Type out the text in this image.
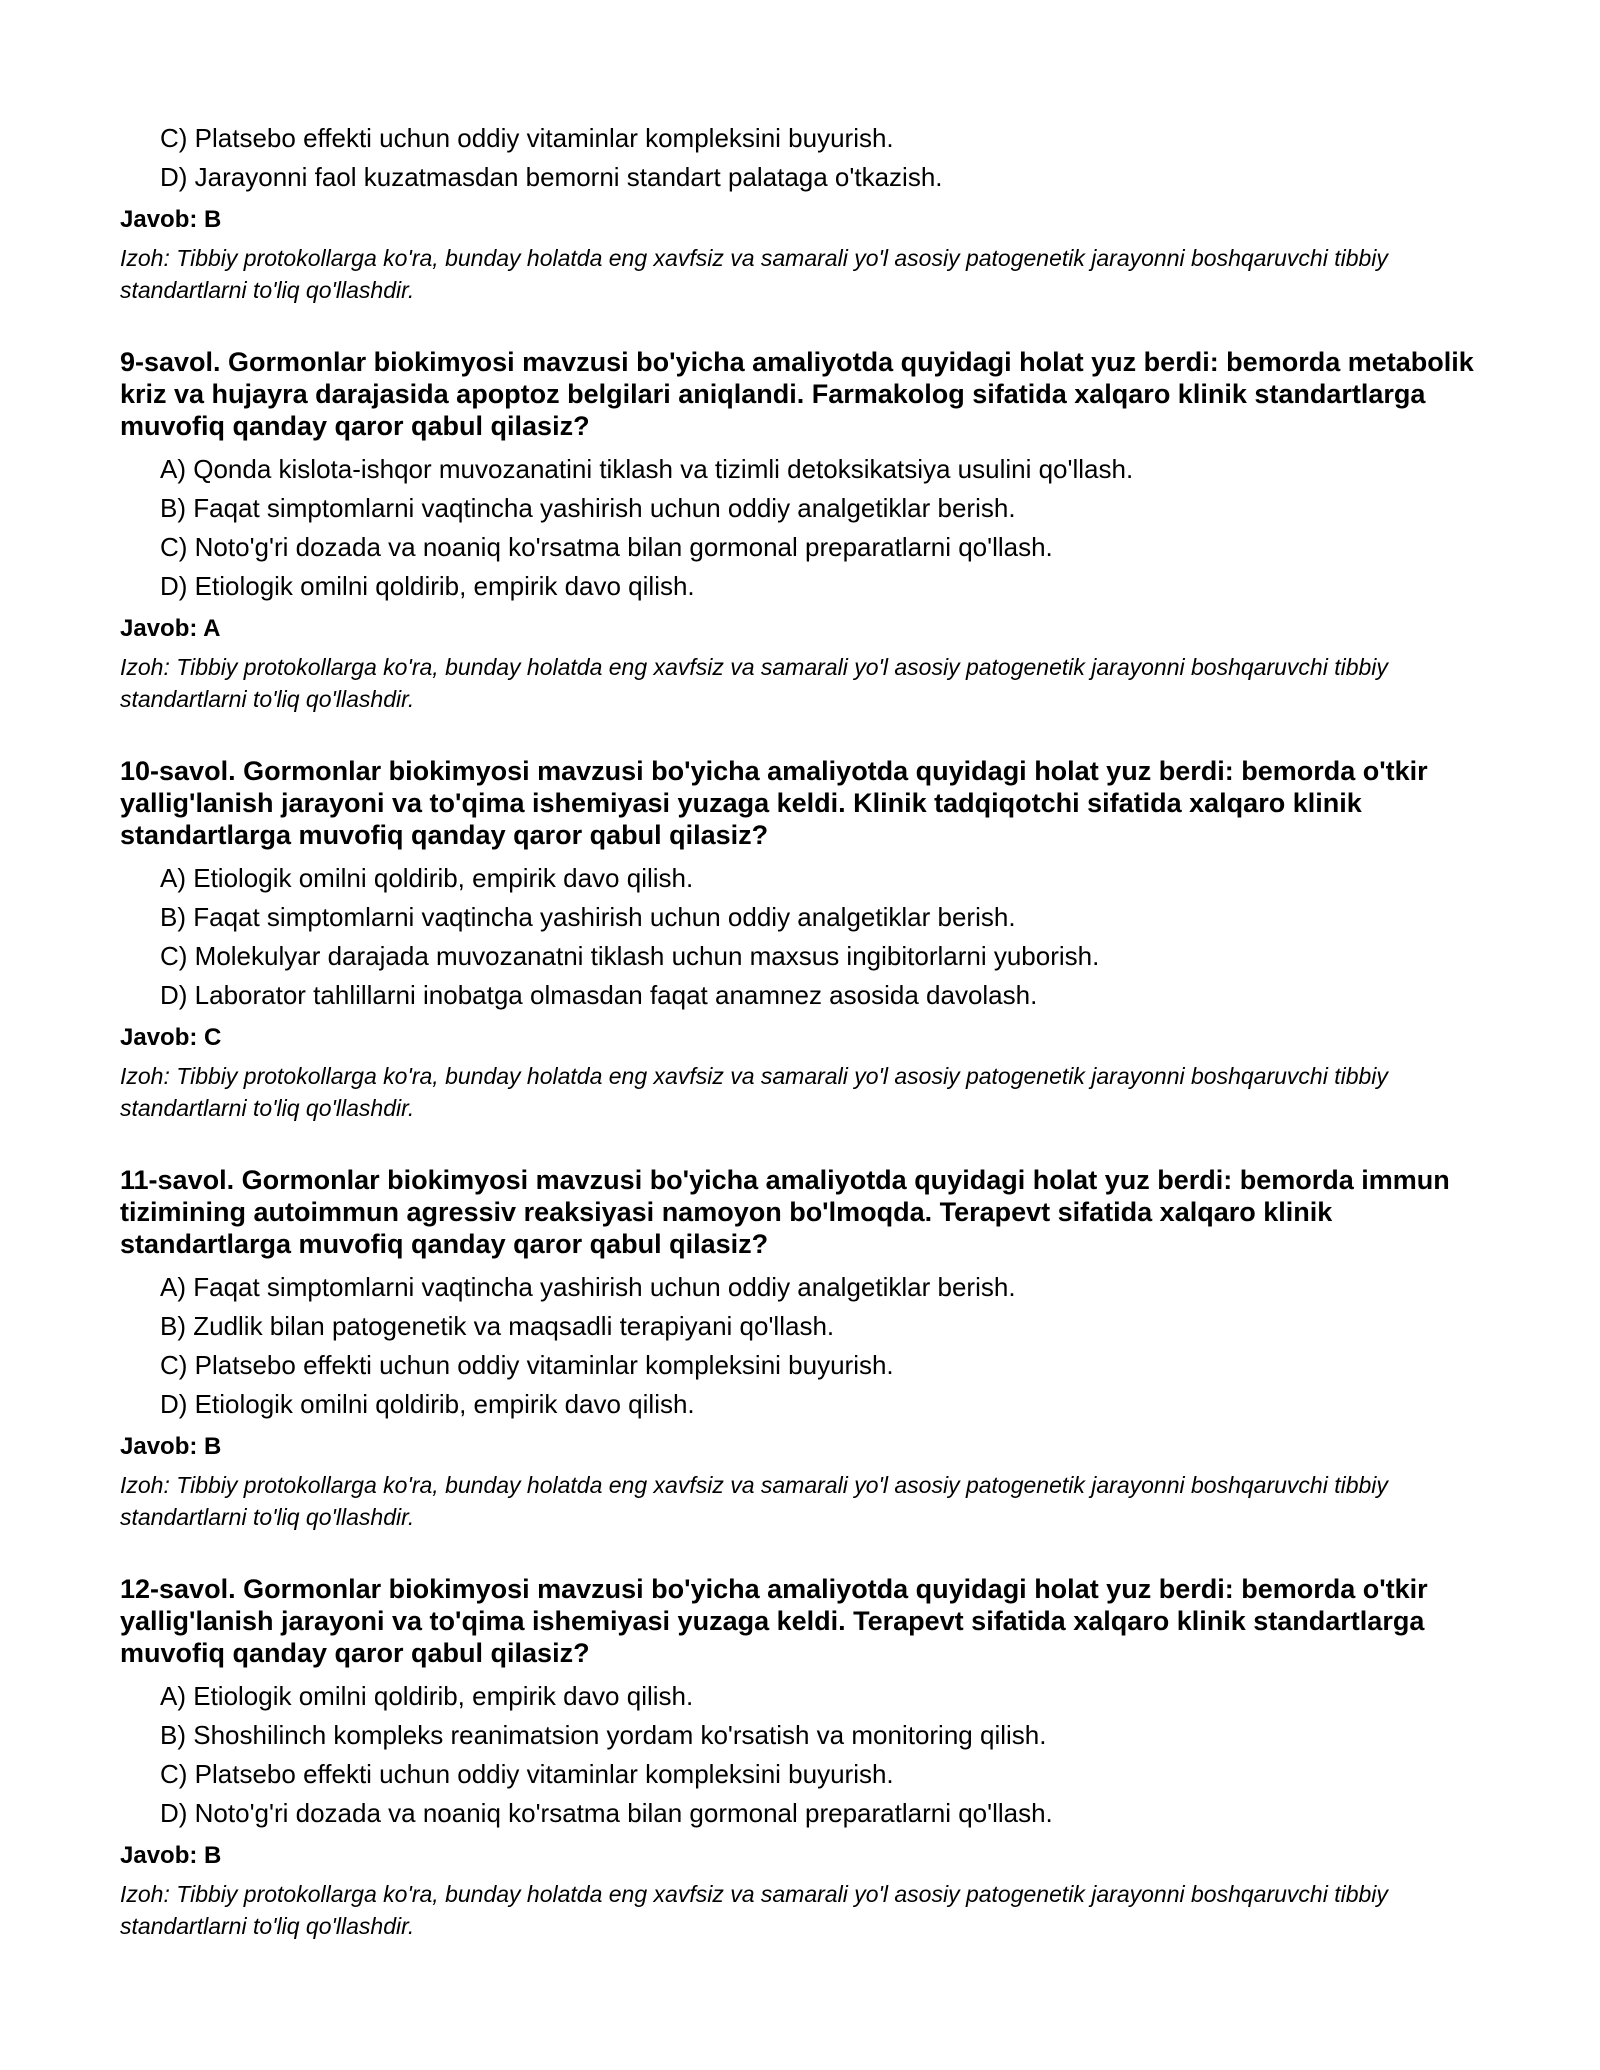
C) Platsebo effekti uchun oddiy vitaminlar kompleksini buyurish.
D) Jarayonni faol kuzatmasdan bemorni standart palataga o'tkazish.
Javob: B
Izoh: Tibbiy protokollarga ko'ra, bunday holatda eng xavfsiz va samarali yo'l asosiy patogenetik jarayonni boshqaruvchi tibbiy standartlarni to'liq qo'llashdir.
9-savol. Gormonlar biokimyosi mavzusi bo'yicha amaliyotda quyidagi holat yuz berdi: bemorda metabolik kriz va hujayra darajasida apoptoz belgilari aniqlandi. Farmakolog sifatida xalqaro klinik standartlarga muvofiq qanday qaror qabul qilasiz?
A) Qonda kislota-ishqor muvozanatini tiklash va tizimli detoksikatsiya usulini qo'llash.
B) Faqat simptomlarni vaqtincha yashirish uchun oddiy analgetiklar berish.
C) Noto'g'ri dozada va noaniq ko'rsatma bilan gormonal preparatlarni qo'llash.
D) Etiologik omilni qoldirib, empirik davo qilish.
Javob: A
Izoh: Tibbiy protokollarga ko'ra, bunday holatda eng xavfsiz va samarali yo'l asosiy patogenetik jarayonni boshqaruvchi tibbiy standartlarni to'liq qo'llashdir.
10-savol. Gormonlar biokimyosi mavzusi bo'yicha amaliyotda quyidagi holat yuz berdi: bemorda o'tkir yallig'lanish jarayoni va to'qima ishemiyasi yuzaga keldi. Klinik tadqiqotchi sifatida xalqaro klinik standartlarga muvofiq qanday qaror qabul qilasiz?
A) Etiologik omilni qoldirib, empirik davo qilish.
B) Faqat simptomlarni vaqtincha yashirish uchun oddiy analgetiklar berish.
C) Molekulyar darajada muvozanatni tiklash uchun maxsus ingibitorlarni yuborish.
D) Laborator tahlillarni inobatga olmasdan faqat anamnez asosida davolash.
Javob: C
Izoh: Tibbiy protokollarga ko'ra, bunday holatda eng xavfsiz va samarali yo'l asosiy patogenetik jarayonni boshqaruvchi tibbiy standartlarni to'liq qo'llashdir.
11-savol. Gormonlar biokimyosi mavzusi bo'yicha amaliyotda quyidagi holat yuz berdi: bemorda immun tizimining autoimmun agressiv reaksiyasi namoyon bo'lmoqda. Terapevt sifatida xalqaro klinik standartlarga muvofiq qanday qaror qabul qilasiz?
A) Faqat simptomlarni vaqtincha yashirish uchun oddiy analgetiklar berish.
B) Zudlik bilan patogenetik va maqsadli terapiyani qo'llash.
C) Platsebo effekti uchun oddiy vitaminlar kompleksini buyurish.
D) Etiologik omilni qoldirib, empirik davo qilish.
Javob: B
Izoh: Tibbiy protokollarga ko'ra, bunday holatda eng xavfsiz va samarali yo'l asosiy patogenetik jarayonni boshqaruvchi tibbiy standartlarni to'liq qo'llashdir.
12-savol. Gormonlar biokimyosi mavzusi bo'yicha amaliyotda quyidagi holat yuz berdi: bemorda o'tkir yallig'lanish jarayoni va to'qima ishemiyasi yuzaga keldi. Terapevt sifatida xalqaro klinik standartlarga muvofiq qanday qaror qabul qilasiz?
A) Etiologik omilni qoldirib, empirik davo qilish.
B) Shoshilinch kompleks reanimatsion yordam ko'rsatish va monitoring qilish.
C) Platsebo effekti uchun oddiy vitaminlar kompleksini buyurish.
D) Noto'g'ri dozada va noaniq ko'rsatma bilan gormonal preparatlarni qo'llash.
Javob: B
Izoh: Tibbiy protokollarga ko'ra, bunday holatda eng xavfsiz va samarali yo'l asosiy patogenetik jarayonni boshqaruvchi tibbiy standartlarni to'liq qo'llashdir.
